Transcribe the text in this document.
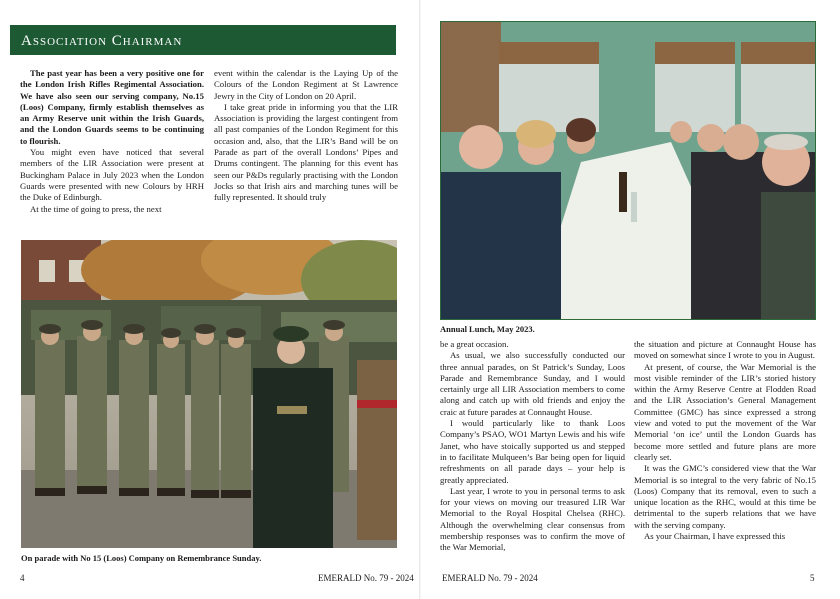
Association Chairman

The past year has been a very positive one for the London Irish Rifles Regimental Association. We have also seen our serving company, No.15 (Loos) Company, firmly establish themselves as an Army Reserve unit within the Irish Guards, and the London Guards seems to be continuing to flourish.

You might even have noticed that several members of the LIR Association were present at Buckingham Palace in July 2023 when the London Guards were presented with new Colours by HRH the Duke of Edinburgh.

At the time of going to press, the next

event within the calendar is the Laying Up of the Colours of the London Regiment at St Lawrence Jewry in the City of London on 20 April.

I take great pride in informing you that the LIR Association is providing the largest contingent from all past companies of the London Regiment for this occasion and, also, that the LIR’s Band will be on Parade as part of the overall Londons’ Pipes and Drums contingent. The planning for this event has seen our P&Ds regularly practising with the London Jocks so that Irish airs and marching tunes will be fully represented. It should truly

On parade with No 15 (Loos) Company on Remembrance Sunday.
4	EMERALD No. 79 - 2024
Annual Lunch, May 2023.

be a great occasion.

As usual, we also successfully conducted our three annual parades, on St Patrick’s Sunday, Loos Parade and Remembrance Sunday, and I would certainly urge all LIR Association members to come along and catch up with old friends and enjoy the craic at future parades at Connaught House.

I would particularly like to thank Loos Company’s PSAO, WO1 Martyn Lewis and his wife Janet, who have stoically supported us and stepped in to facilitate Mulqueen’s Bar being open for liquid refreshments on all parade days – your help is greatly appreciated.

Last year, I wrote to you in personal terms to ask for your views on moving our treasured LIR War Memorial to the Royal Hospital Chelsea (RHC). Although the overwhelming clear consensus from membership responses was to confirm the move of the War Memorial,

the situation and picture at Connaught House has moved on somewhat since I wrote to you in August.

At present, of course, the War Memorial is the most visible reminder of the LIR’s storied history within the Army Reserve Centre at Flodden Road and the LIR Association’s General Management Committee (GMC) has since expressed a strong view and voted to put the movement of the War Memorial ‘on ice’ until the London Guards has become more settled and future plans are more clearly set.

It was the GMC’s considered view that the War Memorial is so integral to the very fabric of No.15 (Loos) Company that its removal, even to such a unique location as the RHC, would at this time be detrimental to the superb relations that we have with the serving company.

As your Chairman, I have expressed this

EMERALD No. 79 - 2024	5
